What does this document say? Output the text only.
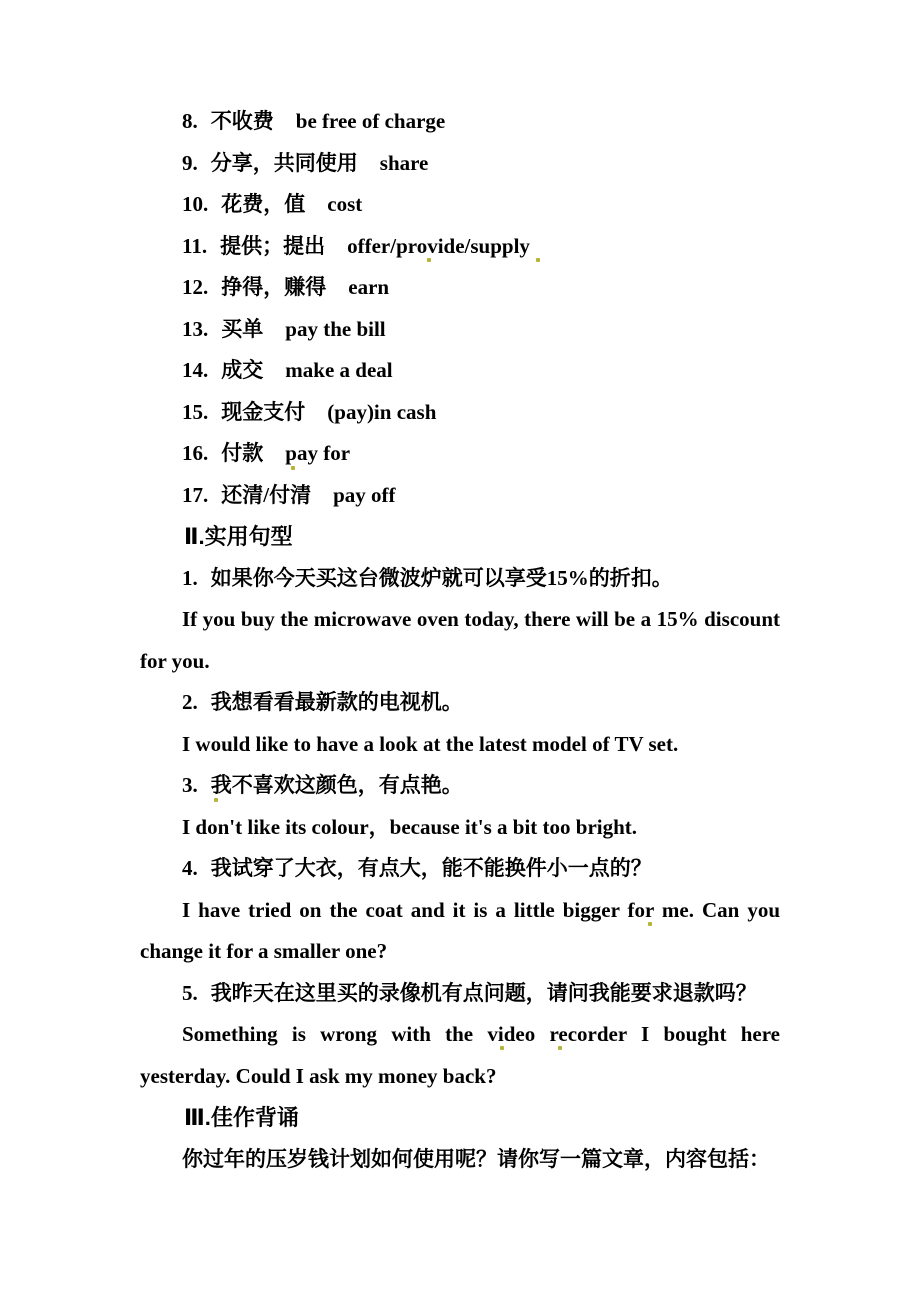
8. 不收费 be free of charge

9. 分享，共同使用 share

10. 花费，值 cost

11. 提供；提出 offer/provide/supply

12. 挣得，赚得 earn

13. 买单 pay the bill

14. 成交 make a deal

15. 现金支付 (pay)in cash

16. 付款 pay for

17. 还清/付清 pay off

Ⅱ.实用句型

1. 如果你今天买这台微波炉就可以享受15%的折扣。

If you buy the microwave oven today, there will be a 15% discount for you.

2. 我想看看最新款的电视机。

I would like to have a look at the latest model of TV set.

3. 我不喜欢这颜色，有点艳。

I don't like its colour，because it's a bit too bright.

4. 我试穿了大衣，有点大，能不能换件小一点的？

I have tried on the coat and it is a little bigger for me. Can you change it for a smaller one?

5. 我昨天在这里买的录像机有点问题，请问我能要求退款吗？

Something is wrong with the video recorder I bought here yesterday. Could I ask my money back?

Ⅲ.佳作背诵

你过年的压岁钱计划如何使用呢？请你写一篇文章，内容包括：
